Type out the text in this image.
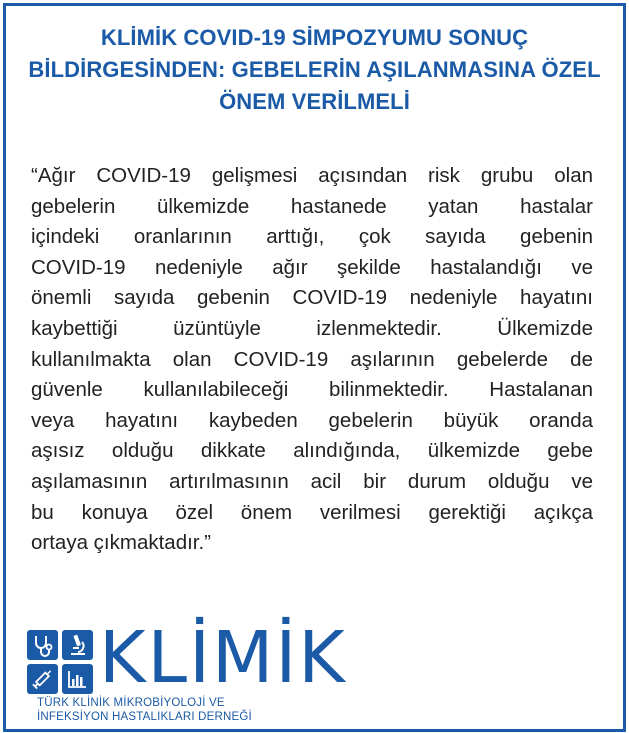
KLİMİK COVID-19 SİMPOZYUMU SONUÇ
BİLDİRGESİNDEN: GEBELERİN AŞILANMASINA ÖZEL
ÖNEM VERİLMELİ
“Ağır COVID-19 gelişmesi açısından risk grubu olan
gebelerin ülkemizde hastanede yatan hastalar
içindeki oranlarının arttığı, çok sayıda gebenin
COVID-19 nedeniyle ağır şekilde hastalandığı ve
önemli sayıda gebenin COVID-19 nedeniyle hayatını
kaybettiği üzüntüyle izlenmektedir. Ülkemizde
kullanılmakta olan COVID-19 aşılarının gebelerde de
güvenle kullanılabileceği bilinmektedir. Hastalanan
veya hayatını kaybeden gebelerin büyük oranda
aşısız olduğu dikkate alındığında, ülkemizde gebe
aşılamasının artırılmasının acil bir durum olduğu ve
bu konuya özel önem verilmesi gerektiği açıkça
ortaya çıkmaktadır.”
KLİMİK
TÜRK KLİNİK MİKROBİYOLOJİ VE
İNFEKSİYON HASTALIKLARI DERNEĞİ
